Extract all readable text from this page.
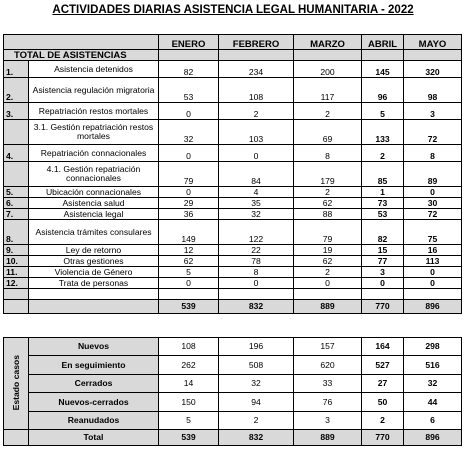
ACTIVIDADES DIARIAS ASISTENCIA LEGAL HUMANITARIA - 2022
		ENERO	FEBRERO	MARZO	ABRIL	MAYO
TOTAL DE ASISTENCIAS						
1.	Asistencia detenidos	82	234	200	145	320
2.	Asistencia regulación migratoria	53	108	117	96	98
3.	Repatriación restos mortales	0	2	2	5	3
	3.1. Gestión repatriación restos mortales	32	103	69	133	72
4.	Repatriación connacionales	0	0	8	2	8
	4.1. Gestión repatriación connacionales	79	84	179	85	89
5.	Ubicación connacionales	0	4	2	1	0
6.	Asistencia salud	29	35	62	73	30
7.	Asistencia legal	36	32	88	53	72
8.	Asistencia trámites consulares	149	122	79	82	75
9.	Ley de retorno	12	22	19	15	16
10.	Otras gestiones	62	78	62	77	113
11.	Violencia de Género	5	8	2	3	0
12.	Trata de personas	0	0	0	0	0

		539	832	889	770	896
Estado casos	Nuevos	108	196	157	164	298
	En seguimiento	262	508	620	527	516
	Cerrados	14	32	33	27	32
	Nuevos-cerrados	150	94	76	50	44
	Reanudados	5	2	3	2	6
	Total	539	832	889	770	896
